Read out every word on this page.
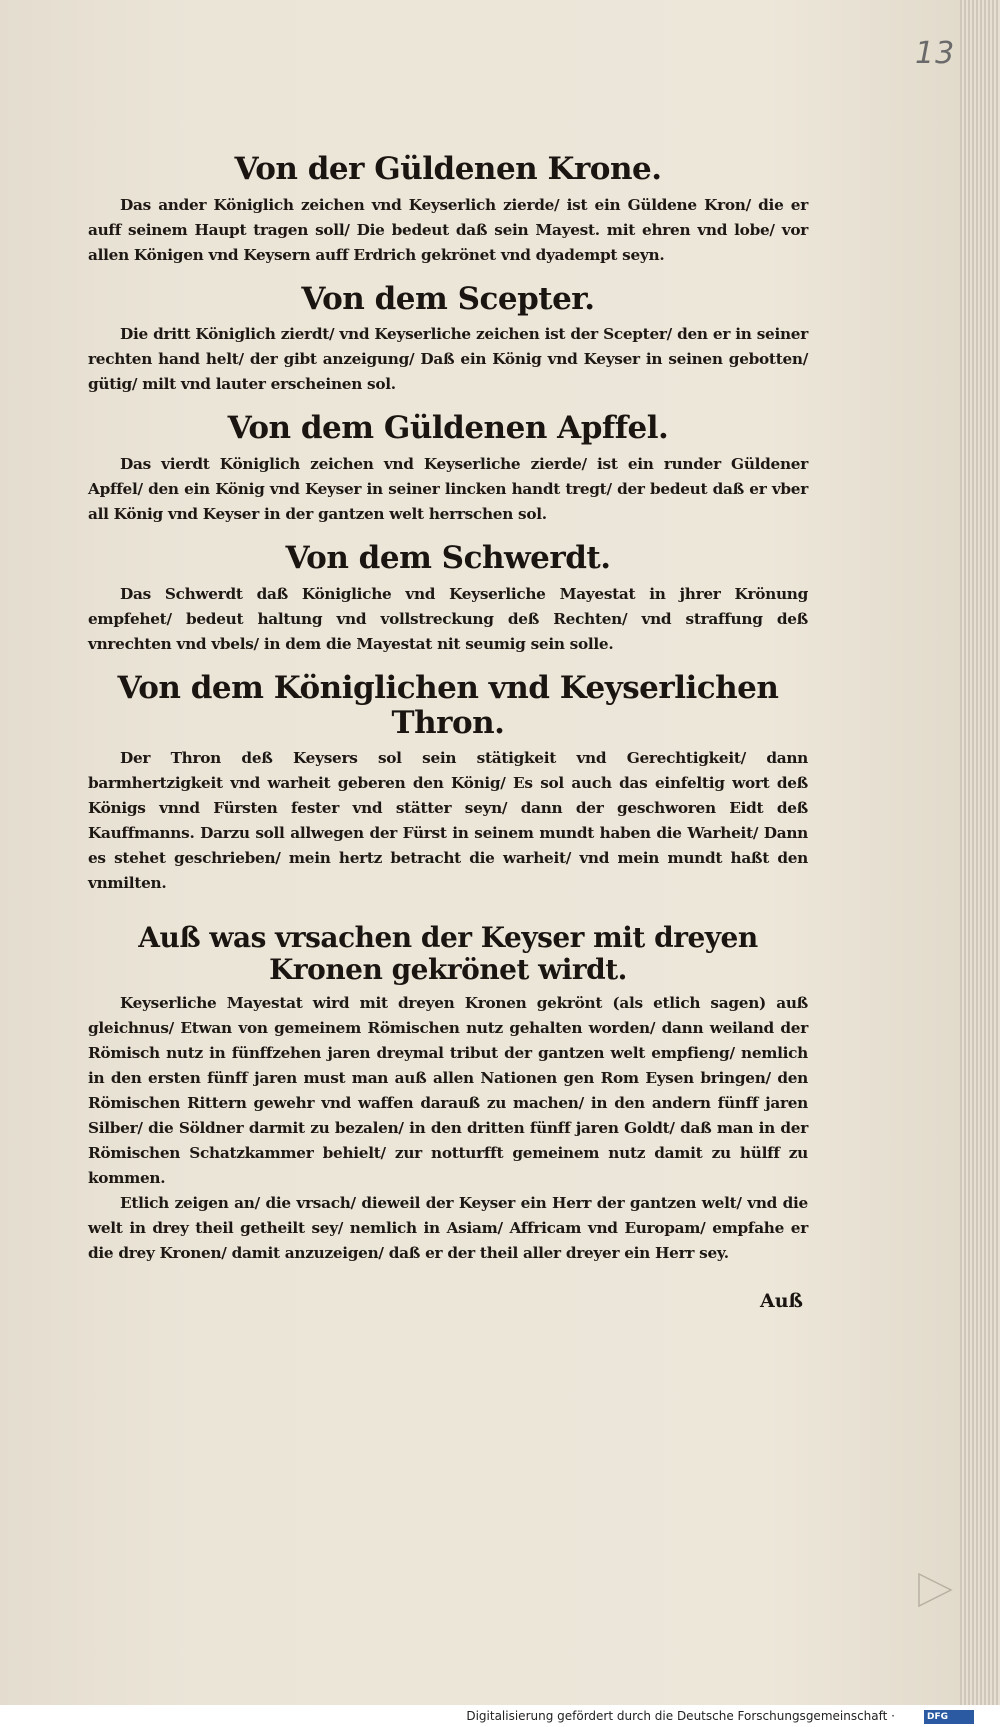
Von der Güldenen Krone.

Das ander Königlich zeichen vnd Keyserlich zierde/ ist ein Güldene Kron/ die er auff seinem Haupt tragen soll/ Die bedeut daß sein Mayest. mit ehren vnd lobe/ vor allen Königen vnd Keysern auff Erdrich gekrönet vnd dyadempt seyn.

Von dem Scepter.

Die dritt Königlich zierdt/ vnd Keyserliche zeichen ist der Scepter/ den er in seiner rechten hand helt/ der gibt anzeigung/ Daß ein König vnd Keyser in seinen gebotten/ gütig/ milt vnd lauter erscheinen sol.

Von dem Güldenen Apffel.

Das vierdt Königlich zeichen vnd Keyserliche zierde/ ist ein runder Güldener Apffel/ den ein König vnd Keyser in seiner lincken handt tregt/ der bedeut daß er vber all König vnd Keyser in der gantzen welt herrschen sol.

Von dem Schwerdt.

Das Schwerdt daß Königliche vnd Keyserliche Mayestat in jhrer Krönung empfehet/ bedeut haltung vnd vollstreckung deß Rechten/ vnd straffung deß vnrechten vnd vbels/ in dem die Mayestat nit seumig sein solle.

Von dem Königlichen vnd Keyserlichen Thron.

Der Thron deß Keysers sol sein stätigkeit vnd Gerechtigkeit/ dann barmhertzigkeit vnd warheit geberen den König/ Es sol auch das einfeltig wort deß Königs vnnd Fürsten fester vnd stätter seyn/ dann der geschworen Eidt deß Kauffmanns. Darzu soll allwegen der Fürst in seinem mundt haben die Warheit/ Dann es stehet geschrieben/ mein hertz betracht die warheit/ vnd mein mundt haßt den vnmilten.

Auß was vrsachen der Keyser mit dreyen Kronen gekrönet wirdt.

Keyserliche Mayestat wird mit dreyen Kronen gekrönt (als etlich sagen) auß gleichnus/ Etwan von gemeinem Römischen nutz gehalten worden/ dann weiland der Römisch nutz in fünffzehen jaren dreymal tribut der gantzen welt empfieng/ nemlich in den ersten fünff jaren must man auß allen Nationen gen Rom Eysen bringen/ den Römischen Rittern gewehr vnd waffen darauß zu machen/ in den andern fünff jaren Silber/ die Söldner darmit zu bezalen/ in den dritten fünff jaren Goldt/ daß man in der Römischen Schatzkammer behielt/ zur notturfft gemeinem nutz damit zu hülff zu kommen.

Etlich zeigen an/ die vrsach/ dieweil der Keyser ein Herr der gantzen welt/ vnd die welt in drey theil getheilt sey/ nemlich in Asiam/ Affricam vnd Europam/ empfahe er die drey Kronen/ damit anzuzeigen/ daß er der theil aller dreyer ein Herr sey.

Auß
13
Digitalisierung gefördert durch die Deutsche Forschungsgemeinschaft ·	DFG
